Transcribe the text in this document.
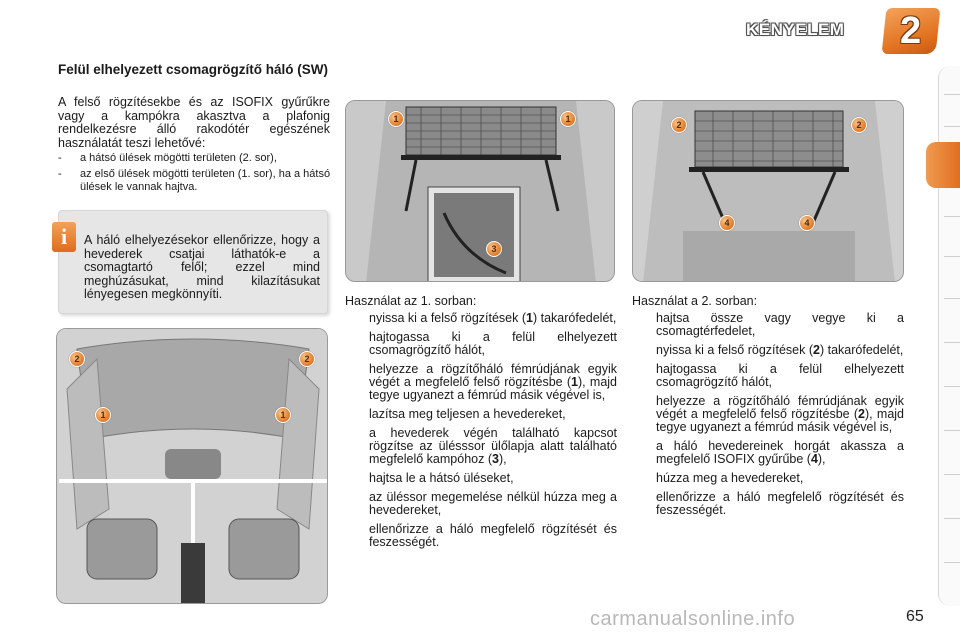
KÉNYELEM 2
Felül elhelyezett csomagrögzítő háló (SW)
A felső rögzítésekbe és az ISOFIX gyűrűkre vagy a kampókra akasztva a plafonig rendelkezésre álló rakodótér egészének használatát teszi lehetővé:
-	a hátsó ülések mögötti területen (2. sor),
-	az első ülések mögötti területen (1. sor), ha a hátsó ülések le vannak hajtva.
i	A háló elhelyezésekor ellenőrizze, hogy a hevederek csatjai láthatók-e a csomagtartó felől; ezzel mind meghúzásukat, mind kilazításukat lényegesen megkönnyíti.
1	1
3
2	2
4	4
2	2
1	1
Használat az 1. sorban:
nyissa ki a felső rögzítések (1) takarófedelét,
hajtogassa ki a felül elhelyezett csomagrögzítő hálót,
helyezze a rögzítőháló fémrúdjának egyik végét a megfelelő felső rögzítésbe (1), majd tegye ugyanezt a fémrúd másik végével is,
lazítsa meg teljesen a hevedereket,
a hevederek végén található kapcsot rögzítse az ülésssor ülőlapja alatt található megfelelő kampóhoz (3),
hajtsa le a hátsó üléseket,
az üléssor megemelése nélkül húzza meg a hevedereket,
ellenőrizze a háló megfelelő rögzítését és feszességét.
Használat a 2. sorban:
hajtsa össze vagy vegye ki a csomagtérfedelet,
nyissa ki a felső rögzítések (2) takarófedelét,
hajtogassa ki a felül elhelyezett csomagrögzítő hálót,
helyezze a rögzítőháló fémrúdjának egyik végét a megfelelő felső rögzítésbe (2), majd tegye ugyanezt a fémrúd másik végével is,
a háló hevedereinek horgát akassza a megfelelő ISOFIX gyűrűbe (4),
húzza meg a hevedereket,
ellenőrizze a háló megfelelő rögzítését és feszességét.
carmanualsonline.info	65
